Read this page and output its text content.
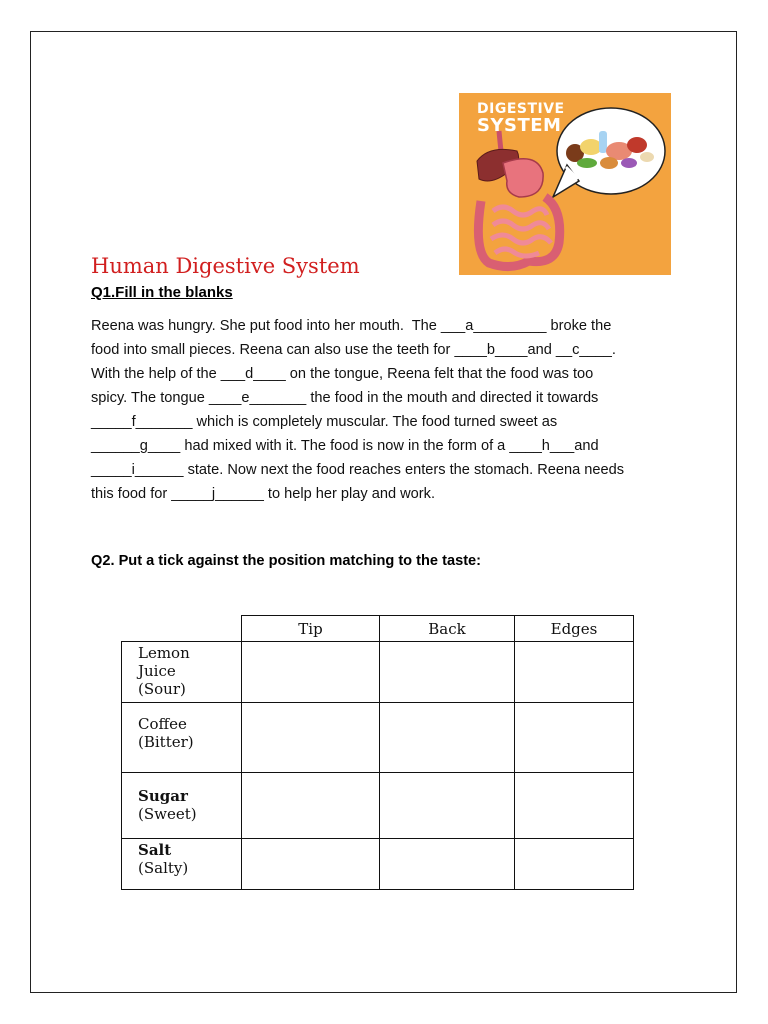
DIGESTIVE
SYSTEM
Human Digestive System
Q1.Fill in the blanks
Reena was hungry. She put food into her mouth.  The ___a_________ broke the
food into small pieces. Reena can also use the teeth for ____b____and __c____.
With the help of the ___d____ on the tongue, Reena felt that the food was too
spicy. The tongue ____e_______ the food in the mouth and directed it towards
_____f_______ which is completely muscular. The food turned sweet as
______g____ had mixed with it. The food is now in the form of a ____h___and
_____i______ state. Now next the food reaches enters the stomach. Reena needs
this food for _____j______ to help her play and work.
Q2. Put a tick against the position matching to the taste:
	Tip	Back	Edges

Lemon
Juice
(Sour)			

Coffee
(Bitter)			

Sugar
(Sweet)			

Salt
(Salty)			
